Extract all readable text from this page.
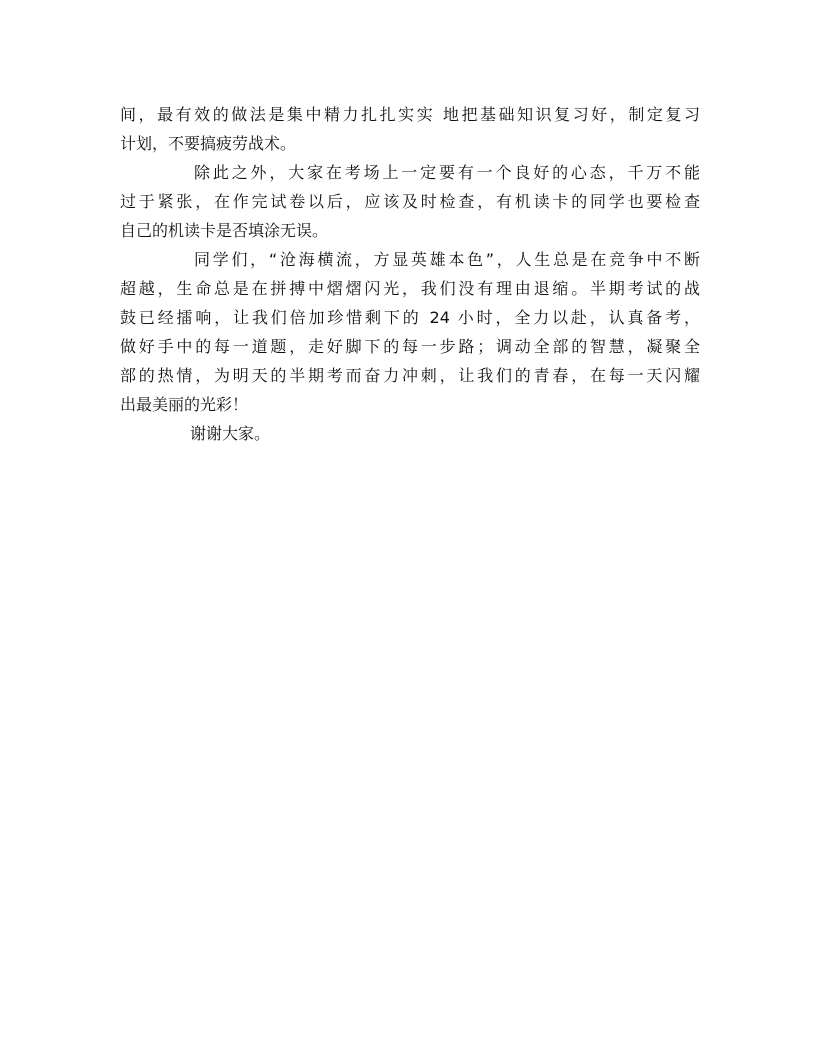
间，最有效的做法是集中精力扎扎实实 地把基础知识复习好，制定复习
计划，不要搞疲劳战术。
除此之外，大家在考场上一定要有一个良好的心态，千万不能
过于紧张，在作完试卷以后，应该及时检查，有机读卡的同学也要检查
自己的机读卡是否填涂无误。
同学们，“沧海横流，方显英雄本色”，人生总是在竞争中不断
超越，生命总是在拼搏中熠熠闪光，我们没有理由退缩。半期考试的战
鼓已经擂响，让我们倍加珍惜剩下的 24 小时，全力以赴，认真备考，
做好手中的每一道题，走好脚下的每一步路；调动全部的智慧，凝聚全
部的热情，为明天的半期考而奋力冲刺，让我们的青春，在每一天闪耀
出最美丽的光彩！
谢谢大家。
